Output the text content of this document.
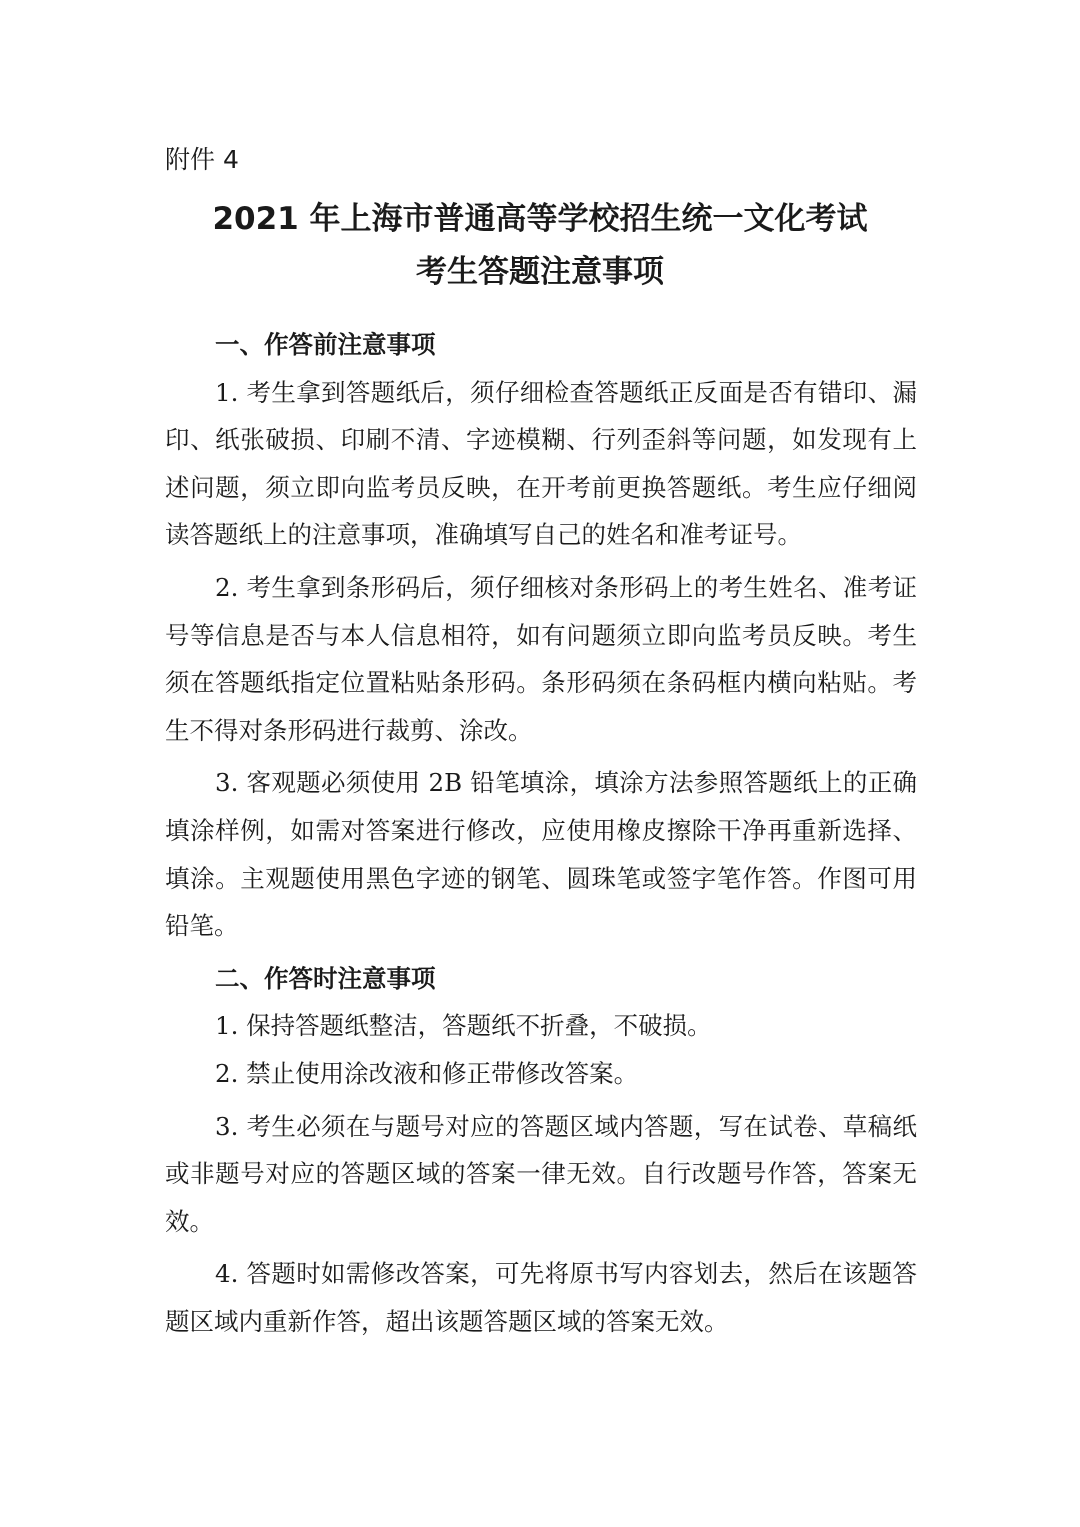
附件 4
2021 年上海市普通高等学校招生统一文化考试
考生答题注意事项

一、作答前注意事项

1. 考生拿到答题纸后，须仔细检查答题纸正反面是否有错印、漏印、纸张破损、印刷不清、字迹模糊、行列歪斜等问题，如发现有上述问题，须立即向监考员反映，在开考前更换答题纸。考生应仔细阅读答题纸上的注意事项，准确填写自己的姓名和准考证号。

2. 考生拿到条形码后，须仔细核对条形码上的考生姓名、准考证号等信息是否与本人信息相符，如有问题须立即向监考员反映。考生须在答题纸指定位置粘贴条形码。条形码须在条码框内横向粘贴。考生不得对条形码进行裁剪、涂改。

3. 客观题必须使用 2B 铅笔填涂，填涂方法参照答题纸上的正确填涂样例，如需对答案进行修改，应使用橡皮擦除干净再重新选择、填涂。主观题使用黑色字迹的钢笔、圆珠笔或签字笔作答。作图可用铅笔。

二、作答时注意事项

1. 保持答题纸整洁，答题纸不折叠，不破损。

2. 禁止使用涂改液和修正带修改答案。

3. 考生必须在与题号对应的答题区域内答题，写在试卷、草稿纸或非题号对应的答题区域的答案一律无效。自行改题号作答，答案无效。

4. 答题时如需修改答案，可先将原书写内容划去，然后在该题答题区域内重新作答，超出该题答题区域的答案无效。
